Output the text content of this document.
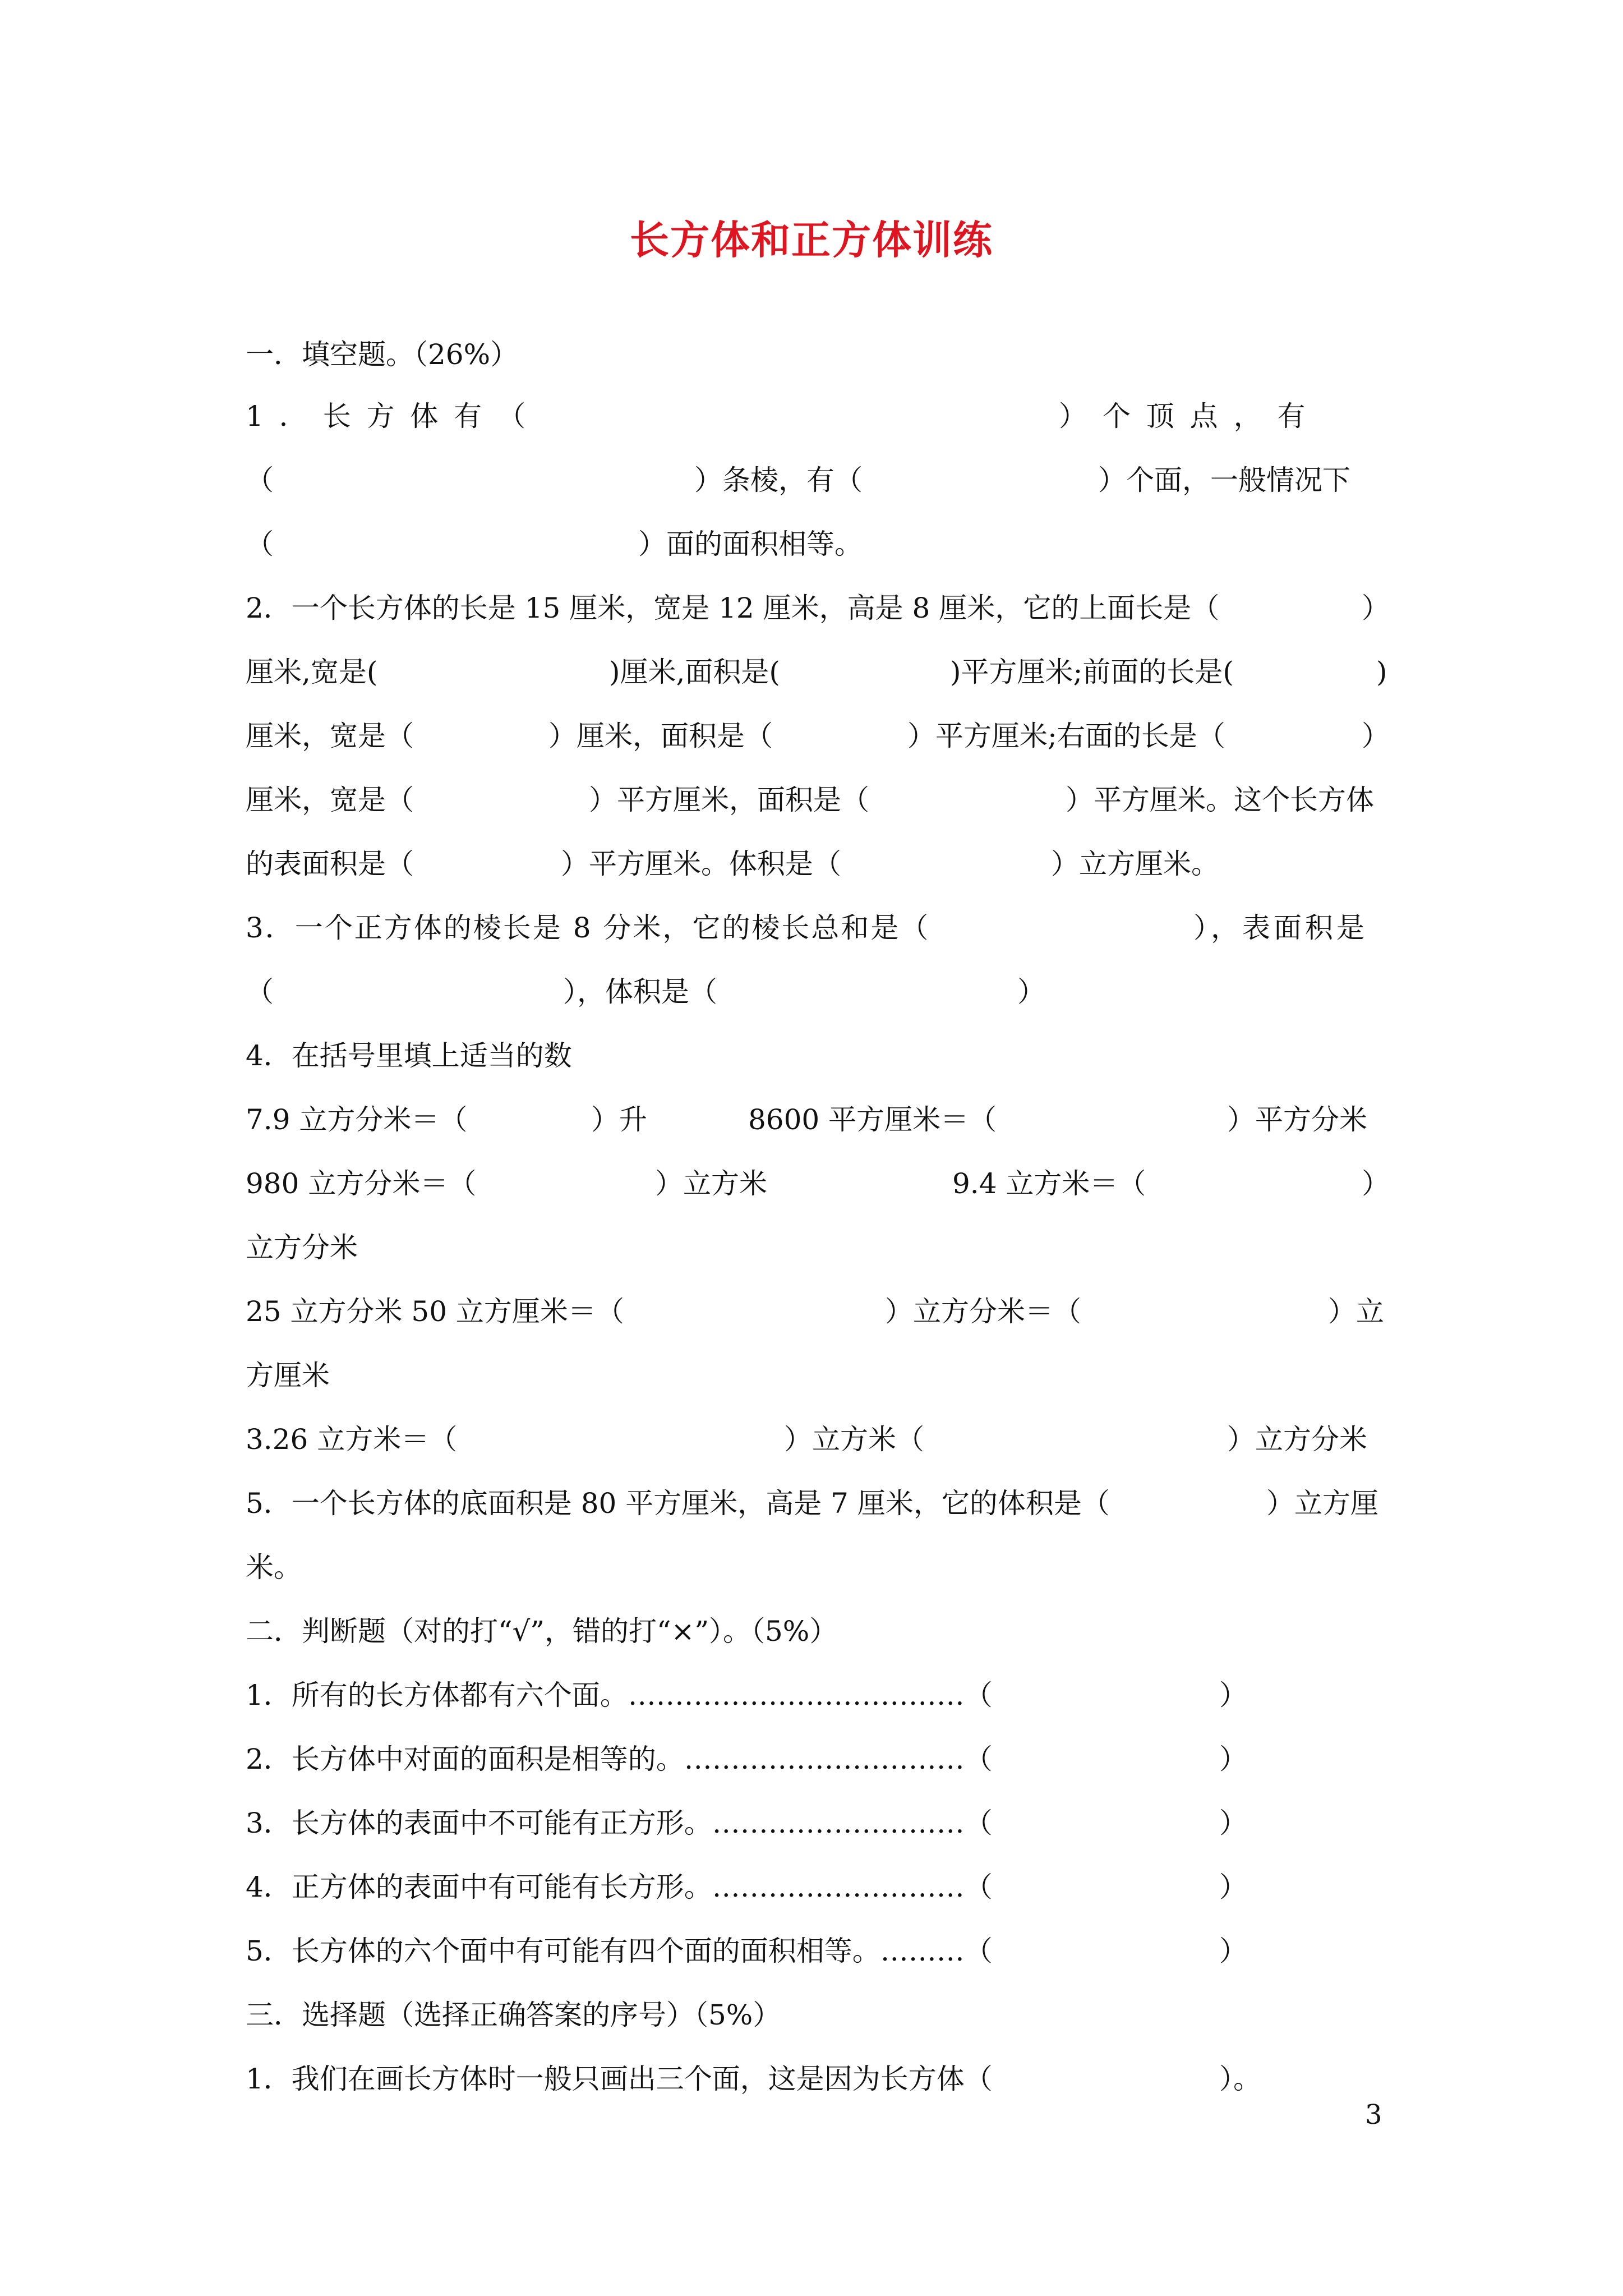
长方体和正方体训练
一．填空题。（26%）
1 ． 长 方 体 有 （	） 个 顶 点 ， 有
（	）条棱，有（	）个面，一般情况下
（	）面的面积相等。
2．一个长方体的长是 15 厘米，宽是 12 厘米，高是 8 厘米，它的上面长是（	）
厘米,宽是(	)厘米,面积是(	)平方厘米;前面的长是(	)
厘米，宽是（	）厘米，面积是（	）平方厘米;右面的长是（	）
厘米，宽是（	）平方厘米，面积是（	）平方厘米。这个长方体
的表面积是（	）平方厘米。体积是（	）立方厘米。
3．一个正方体的棱长是 8 分米，它的棱长总和是（	），表面积是
（	），体积是（	）
4．在括号里填上适当的数
7.9 立方分米＝（	）升	8600 平方厘米＝（	）平方分米
980 立方分米＝（	）立方米	9.4 立方米＝（	）
立方分米
25 立方分米 50 立方厘米＝（	）立方分米＝（	）立
方厘米
3.26 立方米＝（	）立方米（	）立方分米
5．一个长方体的底面积是 80 平方厘米，高是 7 厘米，它的体积是（	）立方厘
米。
二．判断题（对的打“√”，错的打“×”）。（5%）
1．所有的长方体都有六个面。………………………………（	）
2．长方体中对面的面积是相等的。…………………………（	）
3．长方体的表面中不可能有正方形。………………………（	）
4．正方体的表面中有可能有长方形。………………………（	）
5．长方体的六个面中有可能有四个面的面积相等。………（	）
三．选择题（选择正确答案的序号）（5%）
1．我们在画长方体时一般只画出三个面，这是因为长方体（	）。
3
